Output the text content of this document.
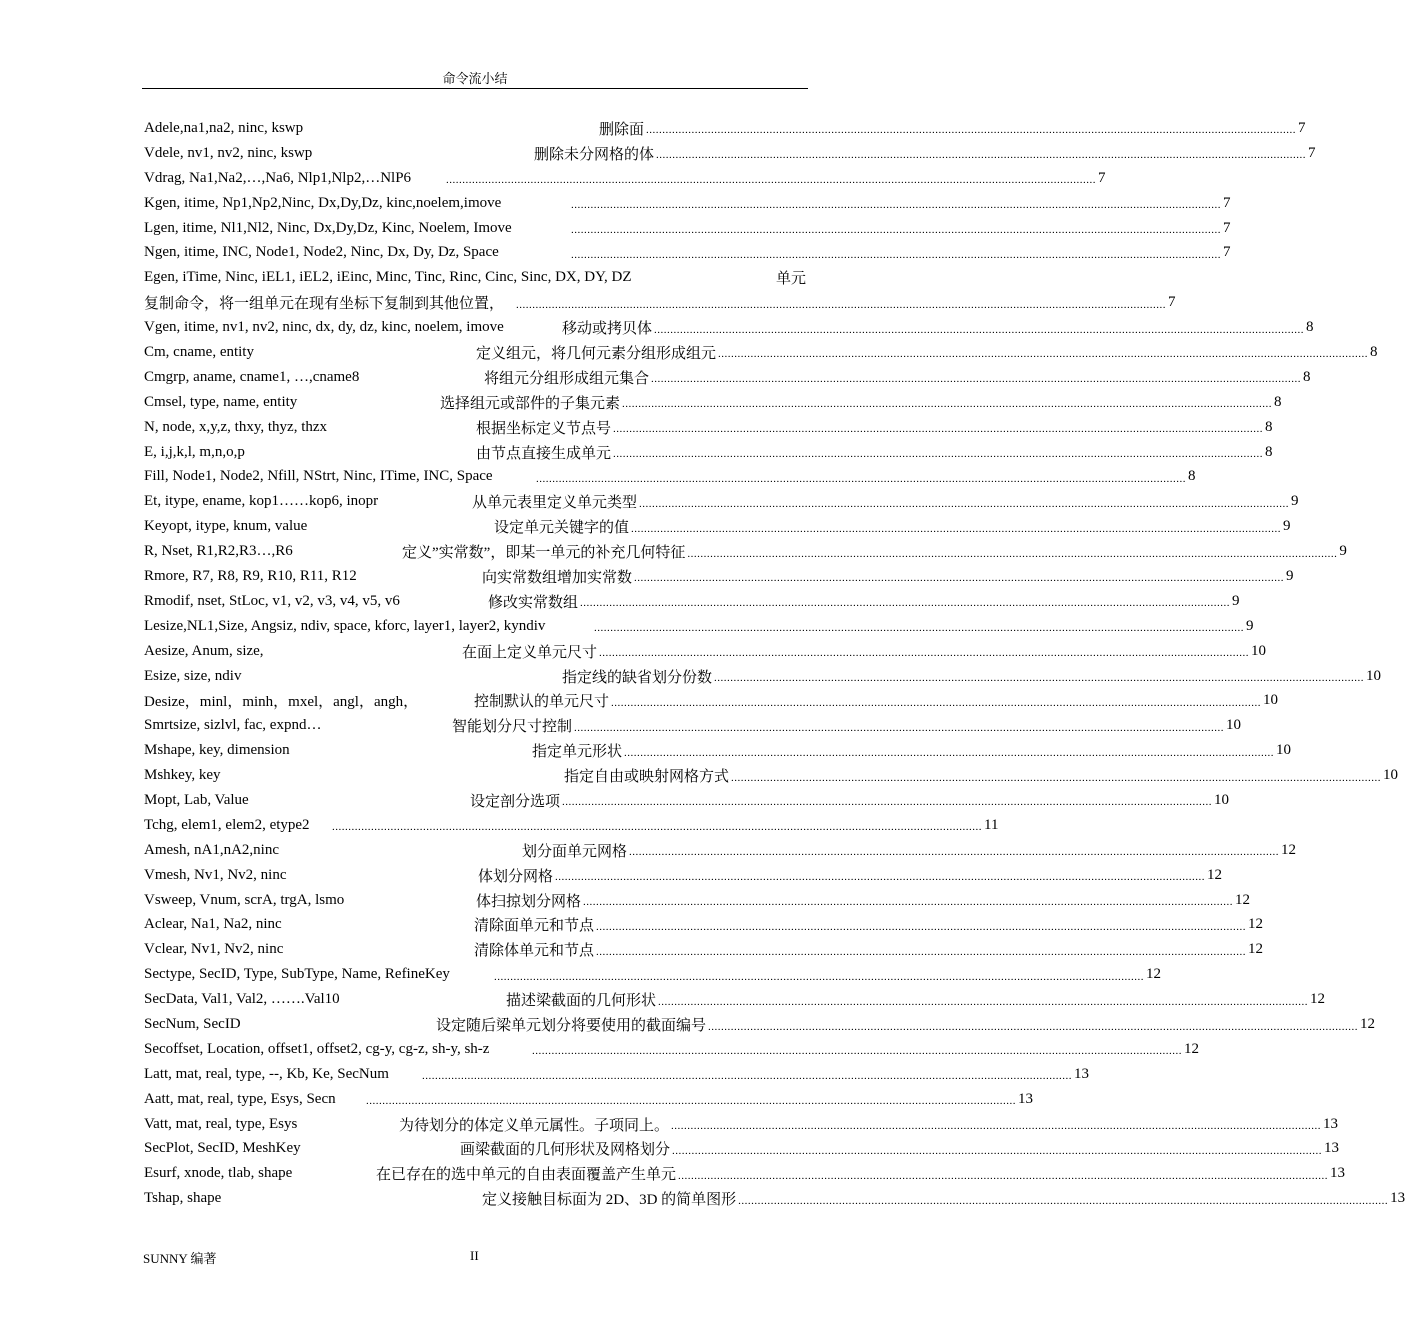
命令流小结
Adele,na1,na2, ninc, kswp	删除面 ........................................................................................................................................................................................................ 7
Vdele, nv1, nv2, ninc, kswp	删除未分网格的体 ........................................................................................................................................................................................................ 7
Vdrag, Na1,Na2,…,Na6, Nlp1,Nlp2,…NlP6	........................................................................................................................................................................................................ 7
Kgen, itime, Np1,Np2,Ninc, Dx,Dy,Dz, kinc,noelem,imove	........................................................................................................................................................................................................ 7
Lgen, itime, Nl1,Nl2, Ninc, Dx,Dy,Dz, Kinc, Noelem, Imove	........................................................................................................................................................................................................ 7
Ngen, itime, INC, Node1, Node2, Ninc, Dx, Dy, Dz, Space	........................................................................................................................................................................................................ 7
Egen, iTime, Ninc, iEL1, iEL2, iEinc, Minc, Tinc, Rinc, Cinc, Sinc, DX, DY, DZ	单元
复制命令，将一组单元在现有坐标下复制到其他位置， ........................................................................................................................................................................................................ 7
Vgen, itime, nv1, nv2, ninc, dx, dy, dz, kinc, noelem, imove	移动或拷贝体 ........................................................................................................................................................................................................ 8
Cm, cname, entity	定义组元，将几何元素分组形成组元 ........................................................................................................................................................................................................ 8
Cmgrp, aname, cname1, …,cname8	将组元分组形成组元集合 ........................................................................................................................................................................................................ 8
Cmsel, type, name, entity	选择组元或部件的子集元素 ........................................................................................................................................................................................................ 8
N, node, x,y,z, thxy, thyz, thzx	根据坐标定义节点号 ........................................................................................................................................................................................................ 8
E, i,j,k,l, m,n,o,p	由节点直接生成单元 ........................................................................................................................................................................................................ 8
Fill, Node1, Node2, Nfill, NStrt, Ninc, ITime, INC, Space	........................................................................................................................................................................................................ 8
Et, itype, ename, kop1……kop6, inopr	从单元表里定义单元类型 ........................................................................................................................................................................................................ 9
Keyopt, itype, knum, value	设定单元关键字的值 ........................................................................................................................................................................................................ 9
R, Nset, R1,R2,R3…,R6	定义”实常数”，即某一单元的补充几何特征 ........................................................................................................................................................................................................ 9
Rmore, R7, R8, R9, R10, R11, R12	向实常数组增加实常数 ........................................................................................................................................................................................................ 9
Rmodif, nset, StLoc, v1, v2, v3, v4, v5, v6	修改实常数组 ........................................................................................................................................................................................................ 9
Lesize,NL1,Size, Angsiz, ndiv, space, kforc, layer1, layer2, kyndiv	........................................................................................................................................................................................................ 9
Aesize, Anum, size,	在面上定义单元尺寸 ........................................................................................................................................................................................................ 10
Esize, size, ndiv	指定线的缺省划分份数 ........................................................................................................................................................................................................ 10
Desize，minl，minh，mxel，angl，angh，	控制默认的单元尺寸 ........................................................................................................................................................................................................ 10
Smrtsize, sizlvl, fac, expnd…	智能划分尺寸控制 ........................................................................................................................................................................................................ 10
Mshape, key, dimension	指定单元形状 ........................................................................................................................................................................................................ 10
Mshkey, key	指定自由或映射网格方式 ........................................................................................................................................................................................................ 10
Mopt, Lab, Value	设定剖分选项 ........................................................................................................................................................................................................ 10
Tchg, elem1, elem2, etype2 ........................................................................................................................................................................................................ 11
Amesh, nA1,nA2,ninc	划分面单元网格 ........................................................................................................................................................................................................ 12
Vmesh, Nv1, Nv2, ninc	体划分网格 ........................................................................................................................................................................................................ 12
Vsweep, Vnum, scrA, trgA, lsmo	体扫掠划分网格 ........................................................................................................................................................................................................ 12
Aclear, Na1, Na2, ninc	清除面单元和节点 ........................................................................................................................................................................................................ 12
Vclear, Nv1, Nv2, ninc	清除体单元和节点 ........................................................................................................................................................................................................ 12
Sectype, SecID, Type, SubType, Name, RefineKey	........................................................................................................................................................................................................ 12
SecData, Val1, Val2, …….Val10	描述梁截面的几何形状 ........................................................................................................................................................................................................ 12
SecNum, SecID	设定随后梁单元划分将要使用的截面编号 ........................................................................................................................................................................................................ 12
Secoffset, Location, offset1, offset2, cg-y, cg-z, sh-y, sh-z	........................................................................................................................................................................................................ 12
Latt, mat, real, type, --, Kb, Ke, SecNum	........................................................................................................................................................................................................ 13
Aatt, mat, real, type, Esys, Secn	........................................................................................................................................................................................................ 13
Vatt, mat, real, type, Esys	为待划分的体定义单元属性。子项同上。 ........................................................................................................................................................................................................ 13
SecPlot, SecID, MeshKey	画梁截面的几何形状及网格划分 ........................................................................................................................................................................................................ 13
Esurf, xnode, tlab, shape	在已存在的选中单元的自由表面覆盖产生单元 ........................................................................................................................................................................................................ 13
Tshap, shape	定义接触目标面为 2D、3D 的简单图形 ........................................................................................................................................................................................................ 13
SUNNY 编著	II
